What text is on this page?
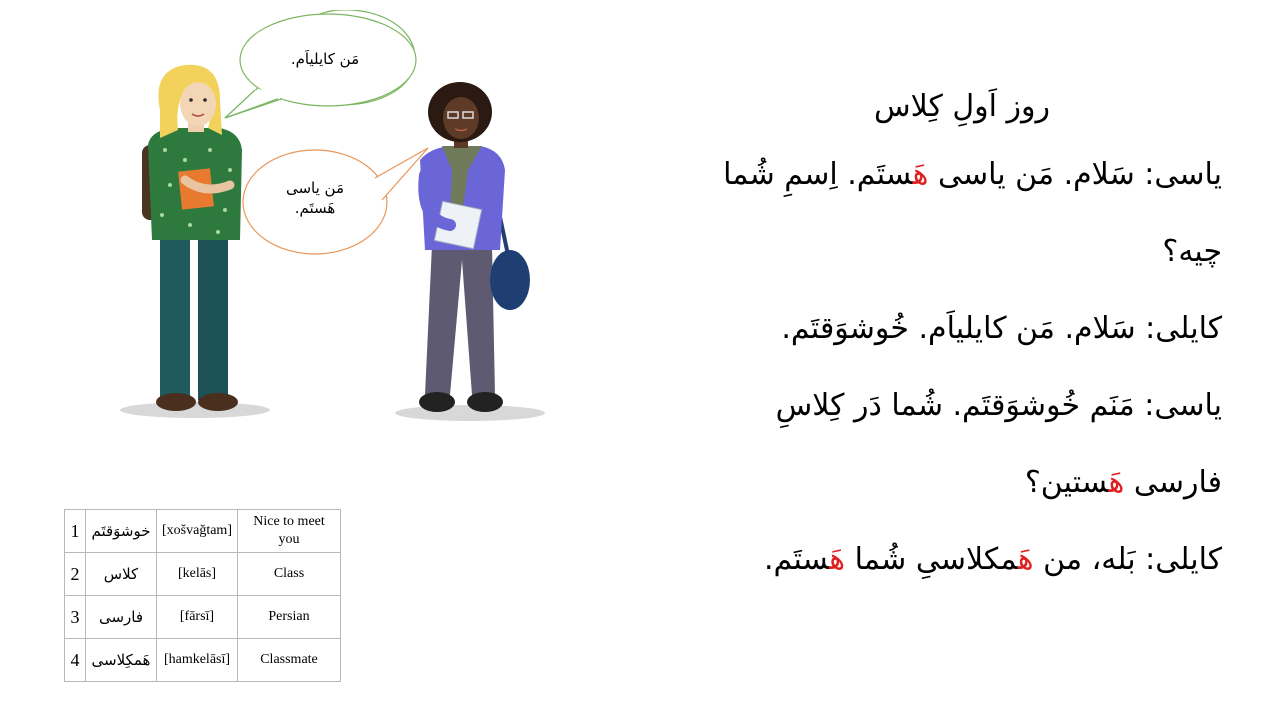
مَن کایلیاَم.
مَن یاسی
هَستَم.
1	خوشوَقتَم	[xošvağtam]	Nice to meet you
2	کلاس	[kelās]	Class
3	فارسی	[fārsī]	Persian
4	هَمکِلاسی	[hamkelāsī]	Classmate
روز اَولِ کِلاس

یاسی: سَلام. مَن یاسی هَستَم. اِسمِ شُما

چیه؟

کایلی: سَلام. مَن کایلیاَم. خُوشوَقتَم.

یاسی: مَنَم خُوشوَقتَم. شُما دَر کِلاسِ

فارسی هَستین؟

کایلی: بَله، من هَمکلاسیِ شُما هَستَم.
